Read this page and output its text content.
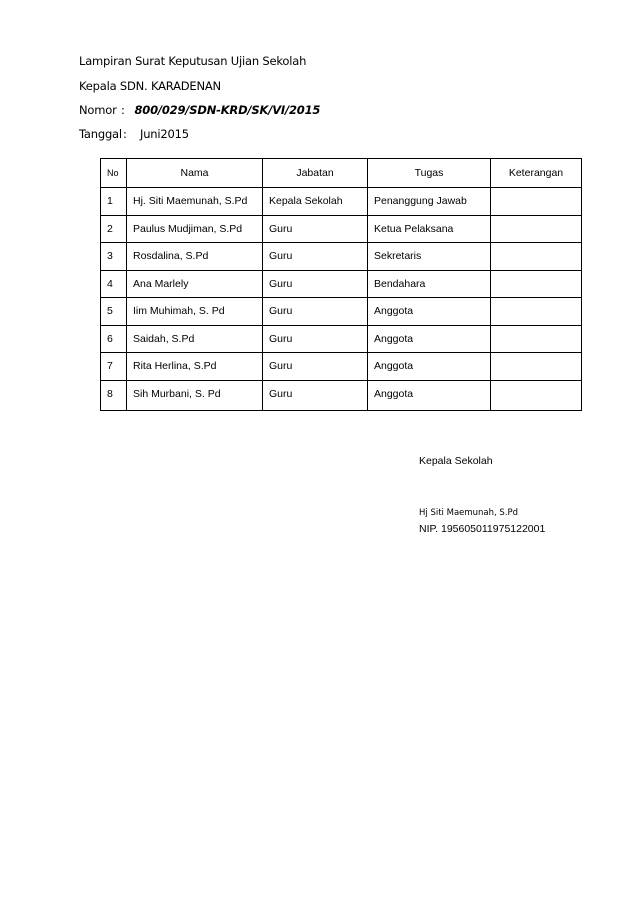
Lampiran Surat Keputusan Ujian Sekolah
Kepala SDN. KARADENAN
Nomor : 800/029/SDN-KRD/SK/VI/2015
Tanggal: Juni2015
No	Nama	Jabatan	Tugas	Keterangan
1	Hj. Siti Maemunah, S.Pd	Kepala Sekolah	Penanggung Jawab	
2	Paulus Mudjiman, S.Pd	Guru	Ketua Pelaksana	
3	Rosdalina, S.Pd	Guru	Sekretaris	
4	Ana Marlely	Guru	Bendahara	
5	Iim Muhimah, S. Pd	Guru	Anggota	
6	Saidah, S.Pd	Guru	Anggota	
7	Rita Herlina, S.Pd	Guru	Anggota	
8	Sih Murbani, S. Pd	Guru	Anggota	
Kepala Sekolah
Hj Siti Maemunah, S.Pd
NIP. 195605011975122001
